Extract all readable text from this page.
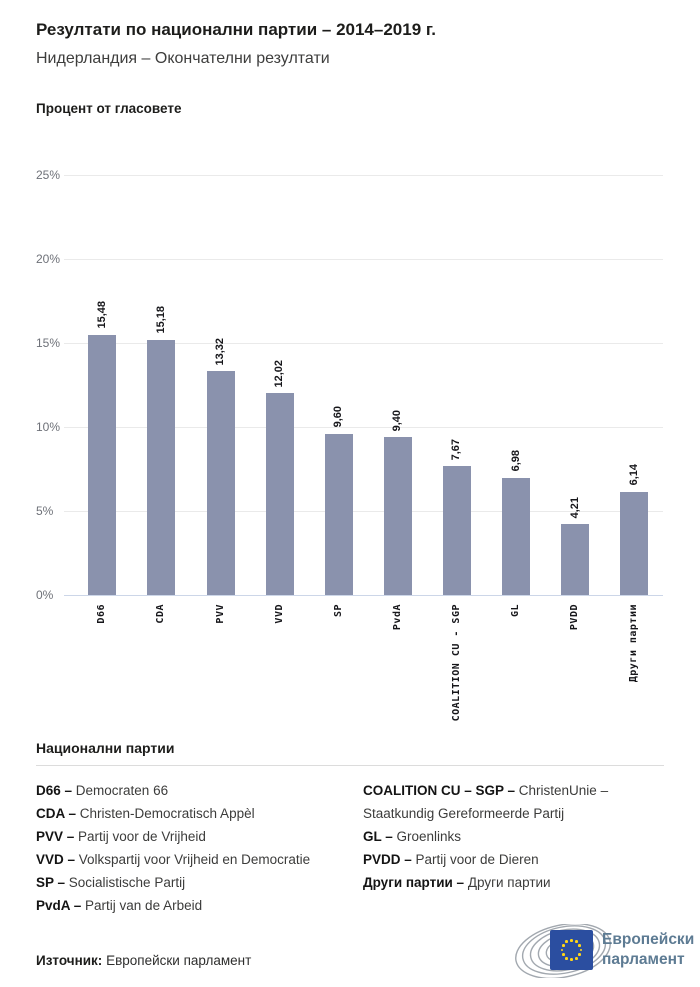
Резултати по национални партии – 2014–2019 г.
Нидерландия – Окончателни резултати
Процент от гласовете
15,48
D66
15,18
CDA
13,32
PVV
12,02
VVD
9,60
SP
9,40
PvdA
7,67
COALITION CU - SGP
6,98
GL
4,21
PVDD
6,14
Други партии
0%
5%
10%
15%
20%
25%
Национални партии
D66 – Democraten 66
CDA – Christen-Democratisch Appèl
PVV – Partij voor de Vrijheid
VVD – Volkspartij voor Vrijheid en Democratie
SP – Socialistische Partij
PvdA – Partij van de Arbeid
COALITION CU – SGP – ChristenUnie – Staatkundig Gereformeerde Partij
GL – Groenlinks
PVDD – Partij voor de Dieren
Други партии – Други партии
Източник: Европейски парламент
Европейски
парламент
